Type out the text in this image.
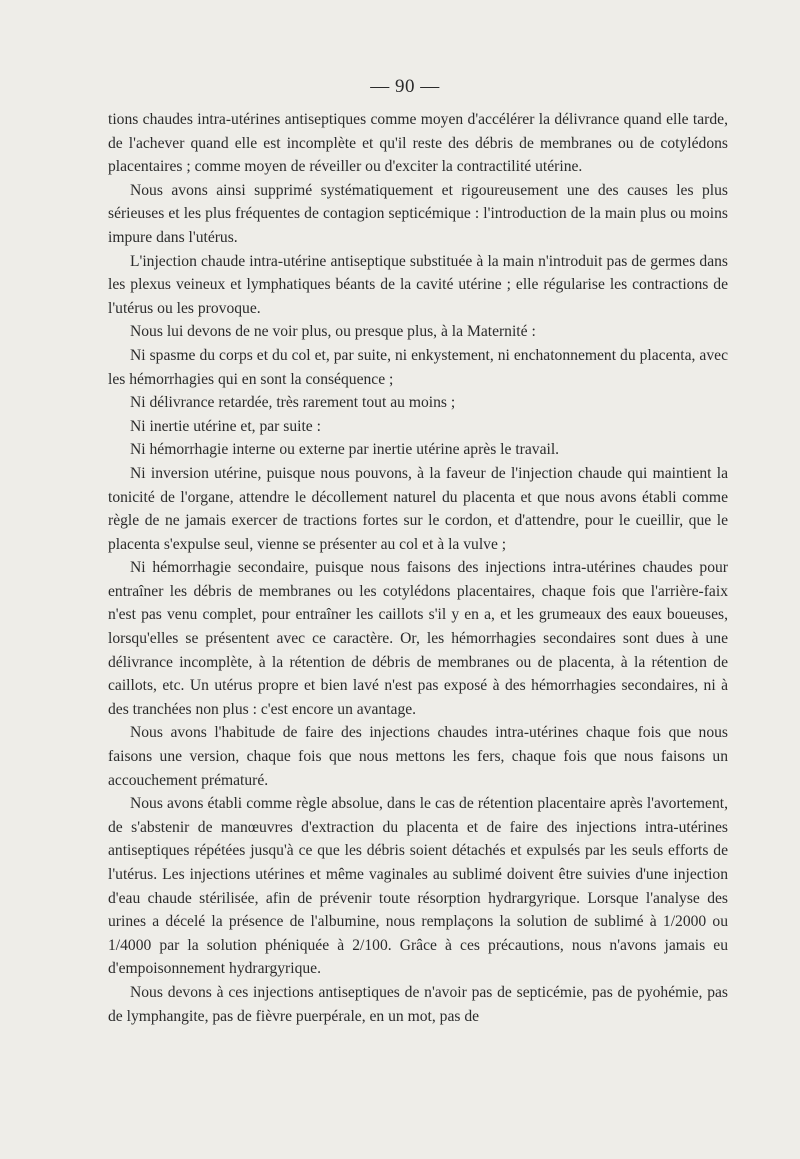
— 90 —

tions chaudes intra-utérines antiseptiques comme moyen d'accélérer la délivrance quand elle tarde, de l'achever quand elle est incomplète et qu'il reste des débris de membranes ou de cotylédons placentaires ; comme moyen de réveiller ou d'exciter la contractilité utérine.

Nous avons ainsi supprimé systématiquement et rigoureusement une des causes les plus sérieuses et les plus fréquentes de contagion septicémique : l'introduction de la main plus ou moins impure dans l'utérus.

L'injection chaude intra-utérine antiseptique substituée à la main n'introduit pas de germes dans les plexus veineux et lymphatiques béants de la cavité utérine ; elle régularise les contractions de l'utérus ou les provoque.

Nous lui devons de ne voir plus, ou presque plus, à la Maternité :

Ni spasme du corps et du col et, par suite, ni enkystement, ni enchatonnement du placenta, avec les hémorrhagies qui en sont la conséquence ;

Ni délivrance retardée, très rarement tout au moins ;

Ni inertie utérine et, par suite :

Ni hémorrhagie interne ou externe par inertie utérine après le travail.

Ni inversion utérine, puisque nous pouvons, à la faveur de l'injection chaude qui maintient la tonicité de l'organe, attendre le décollement naturel du placenta et que nous avons établi comme règle de ne jamais exercer de tractions fortes sur le cordon, et d'attendre, pour le cueillir, que le placenta s'expulse seul, vienne se présenter au col et à la vulve ;

Ni hémorrhagie secondaire, puisque nous faisons des injections intra-utérines chaudes pour entraîner les débris de membranes ou les cotylédons placentaires, chaque fois que l'arrière-faix n'est pas venu complet, pour entraîner les caillots s'il y en a, et les grumeaux des eaux boueuses, lorsqu'elles se présentent avec ce caractère. Or, les hémorrhagies secondaires sont dues à une délivrance incomplète, à la rétention de débris de membranes ou de placenta, à la rétention de caillots, etc. Un utérus propre et bien lavé n'est pas exposé à des hémorrhagies secondaires, ni à des tranchées non plus : c'est encore un avantage.

Nous avons l'habitude de faire des injections chaudes intra-utérines chaque fois que nous faisons une version, chaque fois que nous mettons les fers, chaque fois que nous faisons un accouchement prématuré.

Nous avons établi comme règle absolue, dans le cas de rétention placentaire après l'avortement, de s'abstenir de manœuvres d'extraction du placenta et de faire des injections intra-utérines antiseptiques répétées jusqu'à ce que les débris soient détachés et expulsés par les seuls efforts de l'utérus. Les injections utérines et même vaginales au sublimé doivent être suivies d'une injection d'eau chaude stérilisée, afin de prévenir toute résorption hydrargyrique. Lorsque l'analyse des urines a décelé la présence de l'albumine, nous remplaçons la solution de sublimé à 1/2000 ou 1/4000 par la solution phéniquée à 2/100. Grâce à ces précautions, nous n'avons jamais eu d'empoisonnement hydrargyrique.

Nous devons à ces injections antiseptiques de n'avoir pas de septicémie, pas de pyohémie, pas de lymphangite, pas de fièvre puerpérale, en un mot, pas de
